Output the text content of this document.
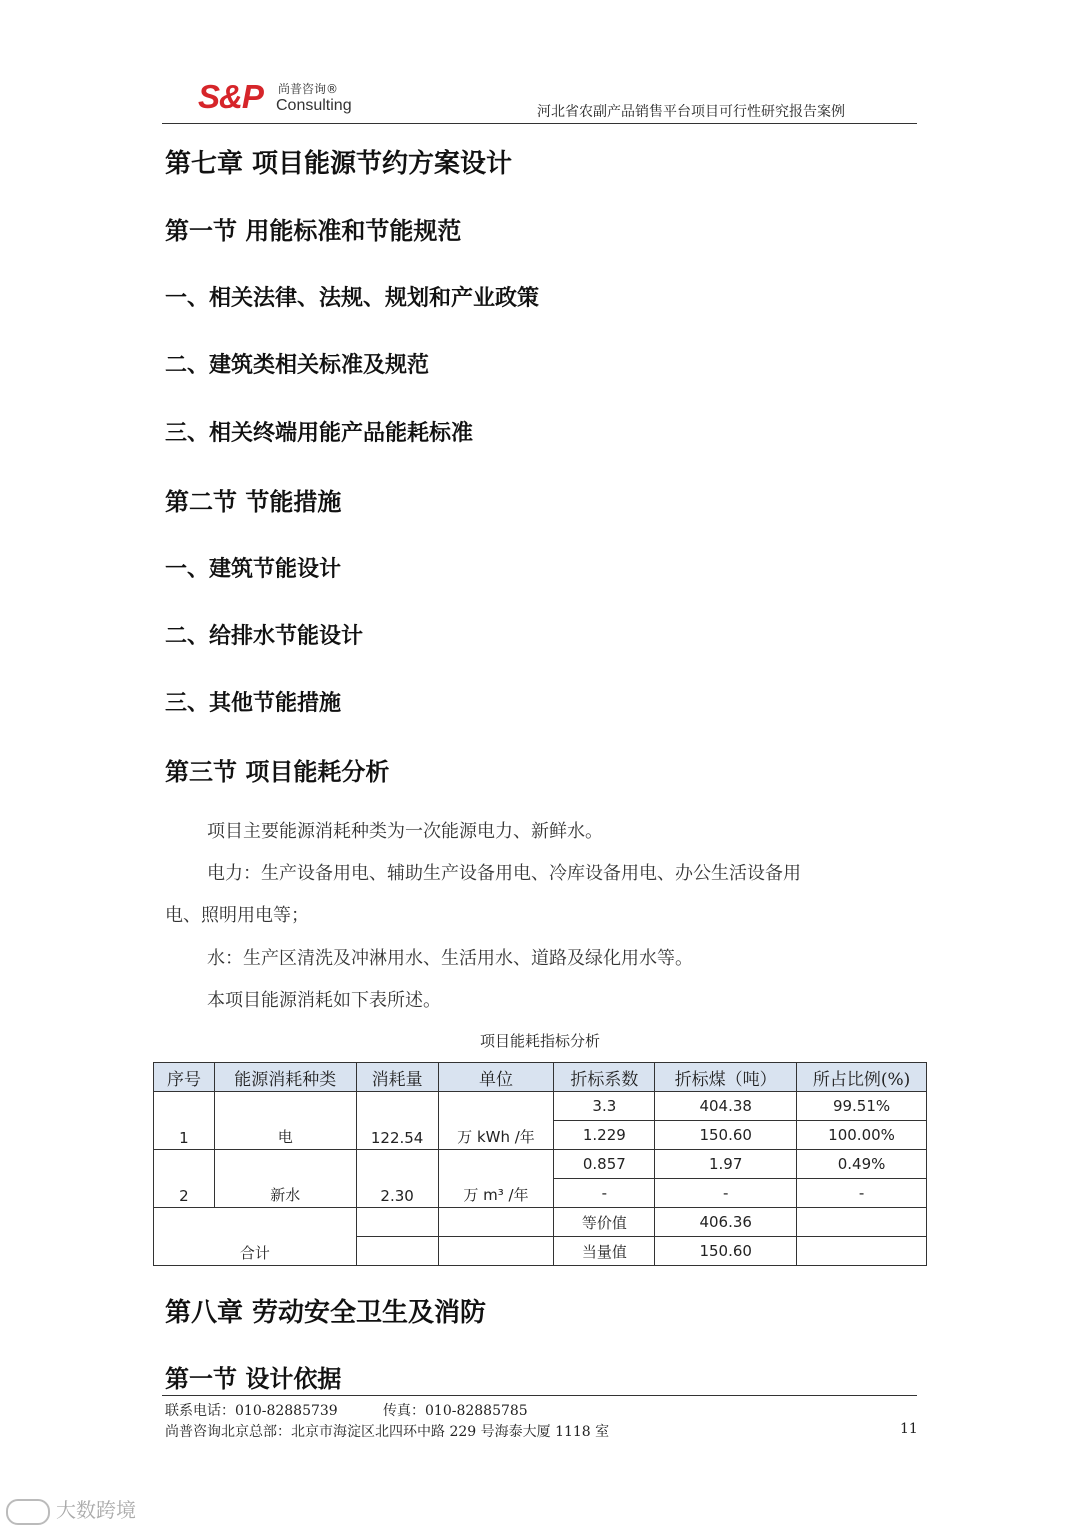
S&P 尚普咨询®
Consulting	河北省农副产品销售平台项目可行性研究报告案例
第七章 项目能源节约方案设计
第一节 用能标准和节能规范
一、相关法律、法规、规划和产业政策
二、建筑类相关标准及规范
三、相关终端用能产品能耗标准
第二节 节能措施
一、建筑节能设计
二、给排水节能设计
三、其他节能措施
第三节 项目能耗分析
项目主要能源消耗种类为一次能源电力、新鲜水。
电力：生产设备用电、辅助生产设备用电、冷库设备用电、办公生活设备用
电、照明用电等；
水：生产区清洗及冲淋用水、生活用水、道路及绿化用水等。
本项目能源消耗如下表所述。
项目能耗指标分析
序号	能源消耗种类	消耗量	单位	折标系数	折标煤（吨）	所占比例(%)
1	电	122.54	万 kWh /年	3.3	404.38	99.51%
				1.229	150.60	100.00%
2	新水	2.30	万 m³ /年	0.857	1.97	0.49%
				-	-	-
合计				等价值	406.36	
				当量值	150.60	
第八章 劳动安全卫生及消防
第一节 设计依据
联系电话：010-82885739	传真：010-82885785
尚普咨询北京总部：北京市海淀区北四环中路 229 号海泰大厦 1118 室	11
大数跨境
